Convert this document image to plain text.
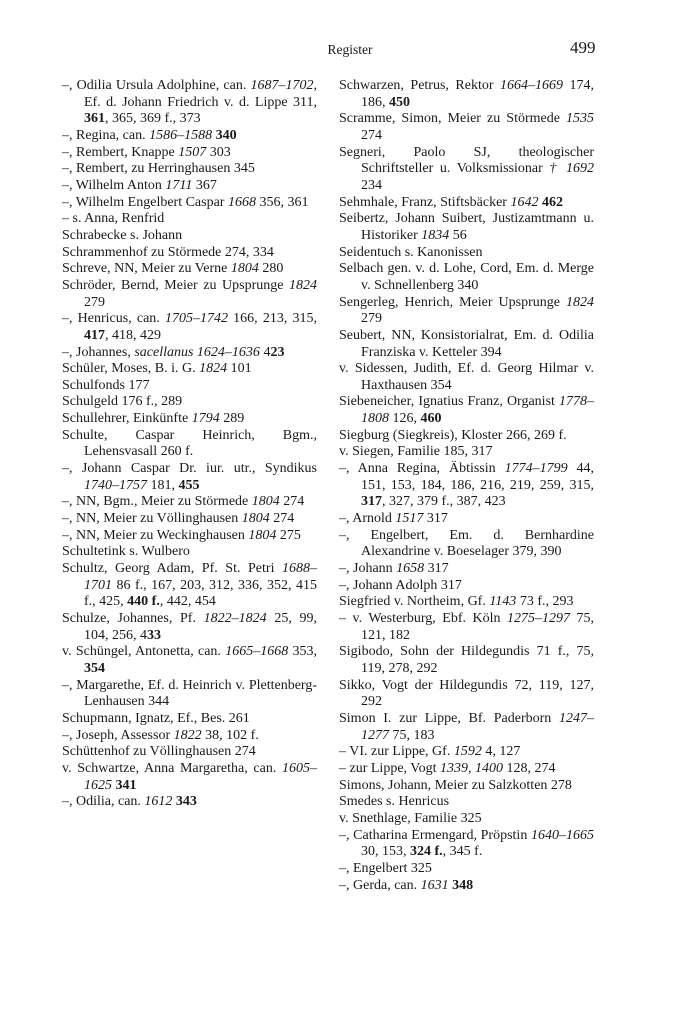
Register	499
–, Odilia Ursula Adolphine, can. 1687–1702, Ef. d. Johann Friedrich v. d. Lippe 311, 361, 365, 369 f., 373
–, Regina, can. 1586–1588 340
–, Rembert, Knappe 1507 303
–, Rembert, zu Herringhausen 345
–, Wilhelm Anton 1711 367
–, Wilhelm Engelbert Caspar 1668 356, 361
– s. Anna, Renfrid
Schrabecke s. Johann
Schrammenhof zu Störmede 274, 334
Schreve, NN, Meier zu Verne 1804 280
Schröder, Bernd, Meier zu Upsprunge 1824 279
–, Henricus, can. 1705–1742 166, 213, 315, 417, 418, 429
–, Johannes, sacellanus 1624–1636 423
Schüler, Moses, B. i. G. 1824 101
Schulfonds 177
Schulgeld 176 f., 289
Schullehrer, Einkünfte 1794 289
Schulte, Caspar Heinrich, Bgm., Lehensvasall 260 f.
–, Johann Caspar Dr. iur. utr., Syndikus 1740–1757 181, 455
–, NN, Bgm., Meier zu Störmede 1804 274
–, NN, Meier zu Völlinghausen 1804 274
–, NN, Meier zu Weckinghausen 1804 275
Schultetink s. Wulbero
Schultz, Georg Adam, Pf. St. Petri 1688–1701 86 f., 167, 203, 312, 336, 352, 415 f., 425, 440 f., 442, 454
Schulze, Johannes, Pf. 1822–1824 25, 99, 104, 256, 433
v. Schüngel, Antonetta, can. 1665–1668 353, 354
–, Margarethe, Ef. d. Heinrich v. Plettenberg-Lenhausen 344
Schupmann, Ignatz, Ef., Bes. 261
–, Joseph, Assessor 1822 38, 102 f.
Schüttenhof zu Völlinghausen 274
v. Schwartze, Anna Margaretha, can. 1605–1625 341
–, Odilia, can. 1612 343
Schwarzen, Petrus, Rektor 1664–1669 174, 186, 450
Scramme, Simon, Meier zu Störmede 1535 274
Segneri, Paolo SJ, theologischer Schriftsteller u. Volksmissionar † 1692 234
Sehmhale, Franz, Stiftsbäcker 1642 462
Seibertz, Johann Suibert, Justizamtmann u. Historiker 1834 56
Seidentuch s. Kanonissen
Selbach gen. v. d. Lohe, Cord, Em. d. Merge v. Schnellenberg 340
Sengerleg, Henrich, Meier Upsprunge 1824 279
Seubert, NN, Konsistorialrat, Em. d. Odilia Franziska v. Ketteler 394
v. Sidessen, Judith, Ef. d. Georg Hilmar v. Haxthausen 354
Siebeneicher, Ignatius Franz, Organist 1778–1808 126, 460
Siegburg (Siegkreis), Kloster 266, 269 f.
v. Siegen, Familie 185, 317
–, Anna Regina, Äbtissin 1774–1799 44, 151, 153, 184, 186, 216, 219, 259, 315, 317, 327, 379 f., 387, 423
–, Arnold 1517 317
–, Engelbert, Em. d. Bernhardine Alexandrine v. Boeselager 379, 390
–, Johann 1658 317
–, Johann Adolph 317
Siegfried v. Northeim, Gf. 1143 73 f., 293
– v. Westerburg, Ebf. Köln 1275–1297 75, 121, 182
Sigibodo, Sohn der Hildegundis 71 f., 75, 119, 278, 292
Sikko, Vogt der Hildegundis 72, 119, 127, 292
Simon I. zur Lippe, Bf. Paderborn 1247–1277 75, 183
– VI. zur Lippe, Gf. 1592 4, 127
– zur Lippe, Vogt 1339, 1400 128, 274
Simons, Johann, Meier zu Salzkotten 278
Smedes s. Henricus
v. Snethlage, Familie 325
–, Catharina Ermengard, Pröpstin 1640–1665 30, 153, 324 f., 345 f.
–, Engelbert 325
–, Gerda, can. 1631 348
